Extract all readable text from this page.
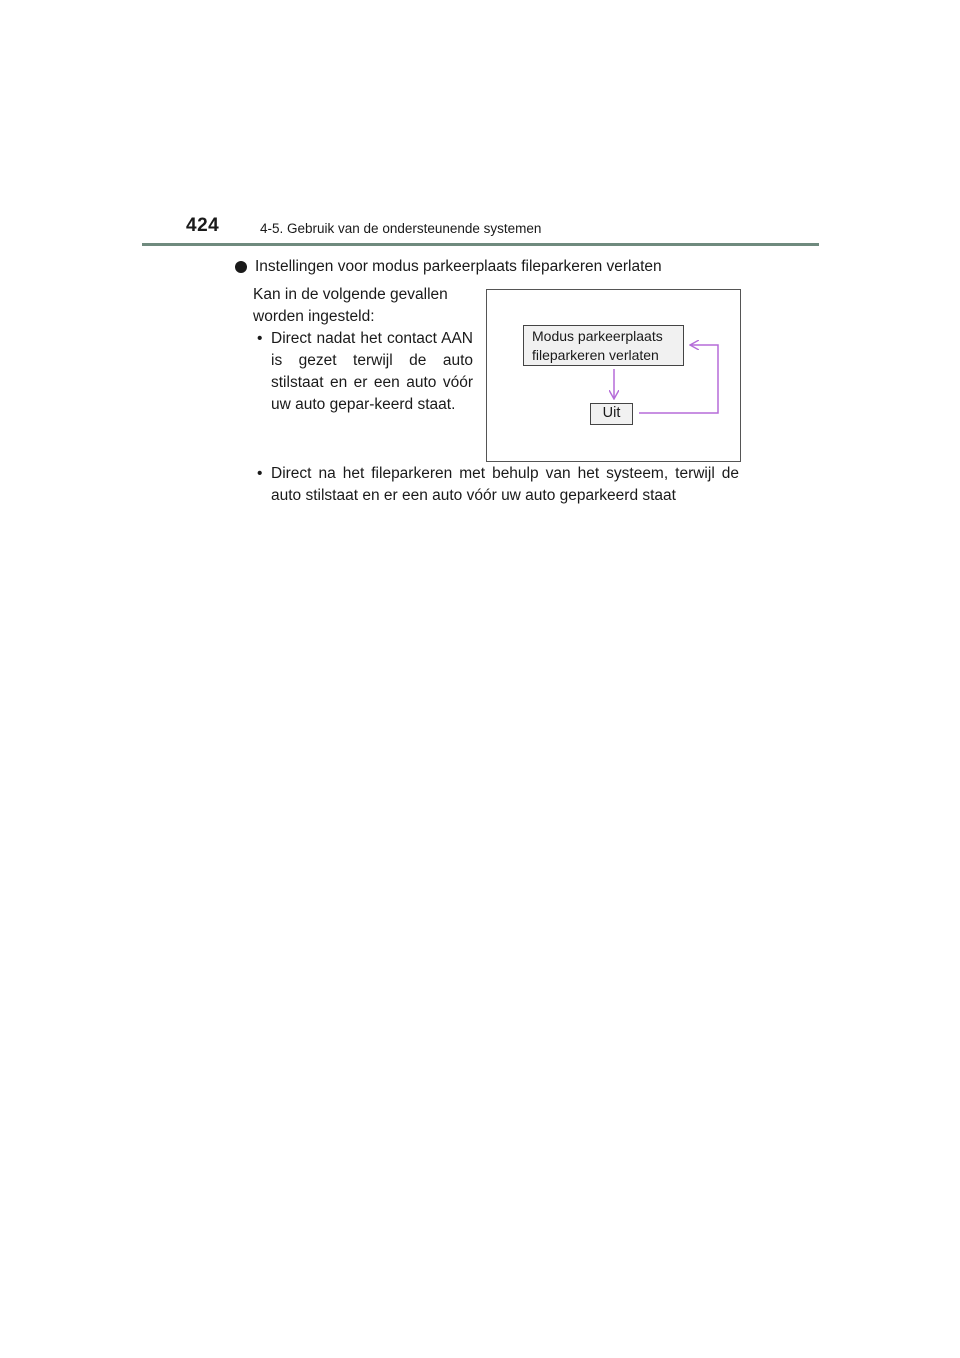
424	4-5. Gebruik van de ondersteunende systemen
Instellingen voor modus parkeerplaats fileparkeren verlaten
Kan in de volgende gevallen worden ingesteld:
• Direct nadat het contact AAN is gezet terwijl de auto stilstaat en er een auto vóór uw auto gepar-keerd staat.
• Direct na het fileparkeren met behulp van het systeem, terwijl de auto stilstaat en er een auto vóór uw auto geparkeerd staat
Modus parkeerplaats
fileparkeren verlaten
Uit
